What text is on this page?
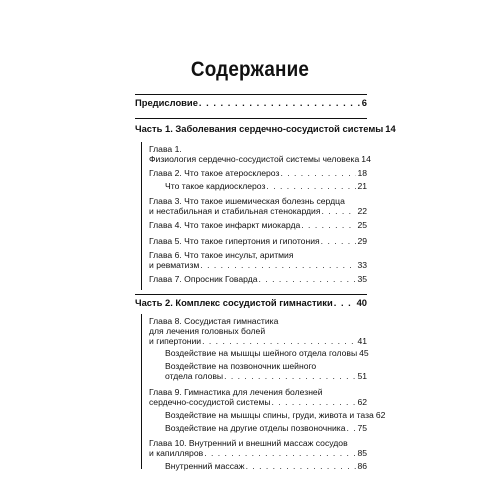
Содержание
Предисловие . . .	6
Часть 1. Заболевания сердечно-сосудистой системы 14
Глава 1.
Физиология сердечно-сосудистой системы человека 14
Глава 2. Что такое атеросклероз . . .	18
Что такое кардиосклероз . . .	21
Глава 3. Что такое ишемическая болезнь сердца
и нестабильная и стабильная стенокардия . . .	22
Глава 4. Что такое инфаркт миокарда . . .	25
Глава 5. Что такое гипертония и гипотония . . .	29
Глава 6. Что такое инсульт, аритмия
и ревматизм . . .	33
Глава 7. Опросник Говарда . . .	35
Часть 2. Комплекс сосудистой гимнастики . . .	40
Глава 8. Сосудистая гимнастика
для лечения головных болей
и гипертонии . . .	41
Воздействие на мышцы шейного отдела головы 45
Воздействие на позвоночник шейного
отдела головы . . .	51
Глава 9. Гимнастика для лечения болезней
сердечно-сосудистой системы . . .	62
Воздействие на мышцы спины, груди, живота и таза 62
Воздействие на другие отделы позвоночника . . . 75
Глава 10. Внутренний и внешний массаж сосудов
и капилляров . . .	85
Внутренний массаж . . .	86
